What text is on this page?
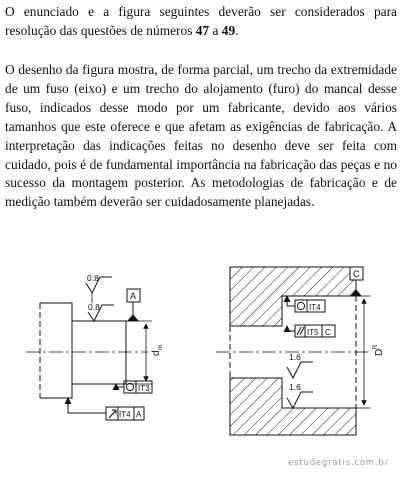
O enunciado e a figura seguintes deverão ser considerados para resolução das questões de números 47 a 49.

O desenho da figura mostra, de forma parcial, um trecho da extremidade de um fuso (eixo) e um trecho do alojamento (furo) do mancal desse fuso, indicados desse modo por um fabricante, devido aos vários tamanhos que este oferece e que afetam as exigências de fabricação. A interpretação das indicações feitas no desenho deve ser feita com cuidado, pois é de fundamental importância na fabricação das peças e no sucesso da montagem posterior. As metodologias de fabricação e de medição também deverão ser cuidadosamente planejadas.

0.8
0.8
A
IT3
IT4 A
d
m
C
IT4
IT5 C
1.6
1.6
D
R
estudegratis.com.br
